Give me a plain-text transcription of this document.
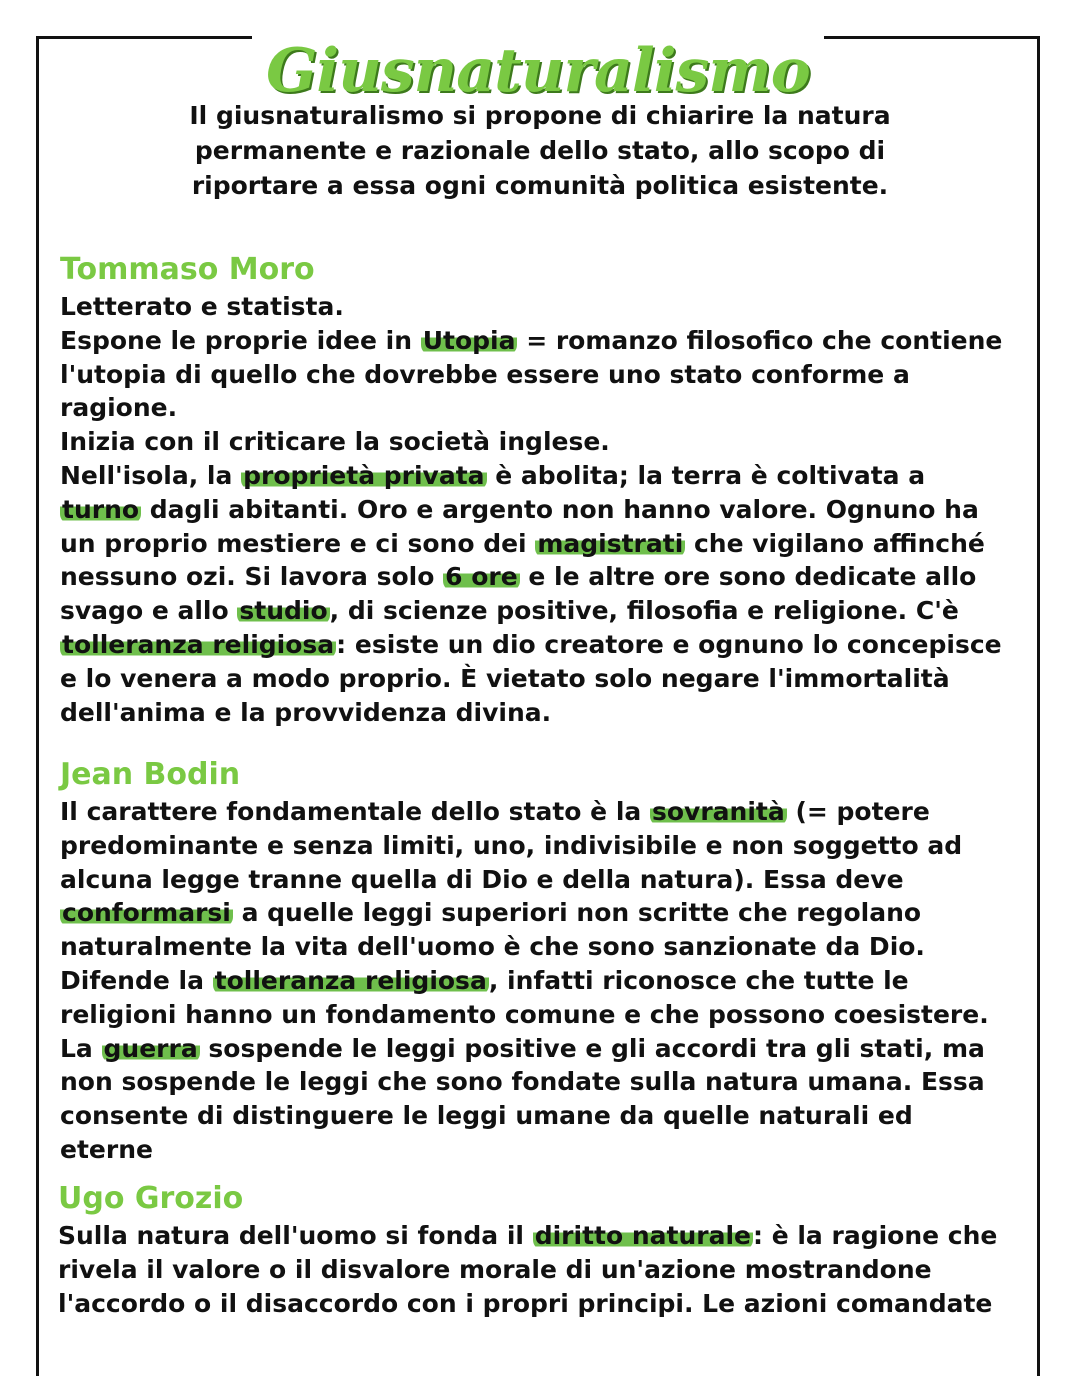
Giusnaturalismo
Il giusnaturalismo si propone di chiarire la natura permanente e razionale dello stato, allo scopo di riportare a essa ogni comunità politica esistente.
Tommaso Moro
Letterato e statista.
Espone le proprie idee in Utopia = romanzo filosofico che contiene l'utopia di quello che dovrebbe essere uno stato conforme a ragione.
Inizia con il criticare la società inglese.
Nell'isola, la proprietà privata è abolita; la terra è coltivata a turno dagli abitanti. Oro e argento non hanno valore. Ognuno ha un proprio mestiere e ci sono dei magistrati che vigilano affinché nessuno ozi. Si lavora solo 6 ore e le altre ore sono dedicate allo svago e allo studio, di scienze positive, filosofia e religione. C'è tolleranza religiosa: esiste un dio creatore e ognuno lo concepisce e lo venera a modo proprio. È vietato solo negare l'immortalità dell'anima e la provvidenza divina.
Jean Bodin
Il carattere fondamentale dello stato è la sovranità (= potere predominante e senza limiti, uno, indivisibile e non soggetto ad alcuna legge tranne quella di Dio e della natura). Essa deve conformarsi a quelle leggi superiori non scritte che regolano naturalmente la vita dell'uomo è che sono sanzionate da Dio.
Difende la tolleranza religiosa, infatti riconosce che tutte le religioni hanno un fondamento comune e che possono coesistere.
La guerra sospende le leggi positive e gli accordi tra gli stati, ma non sospende le leggi che sono fondate sulla natura umana. Essa consente di distinguere le leggi umane da quelle naturali ed eterne
Ugo Grozio
Sulla natura dell'uomo si fonda il diritto naturale: è la ragione che rivela il valore o il disvalore morale di un'azione mostrandone l'accordo o il disaccordo con i propri principi. Le azioni comandate
